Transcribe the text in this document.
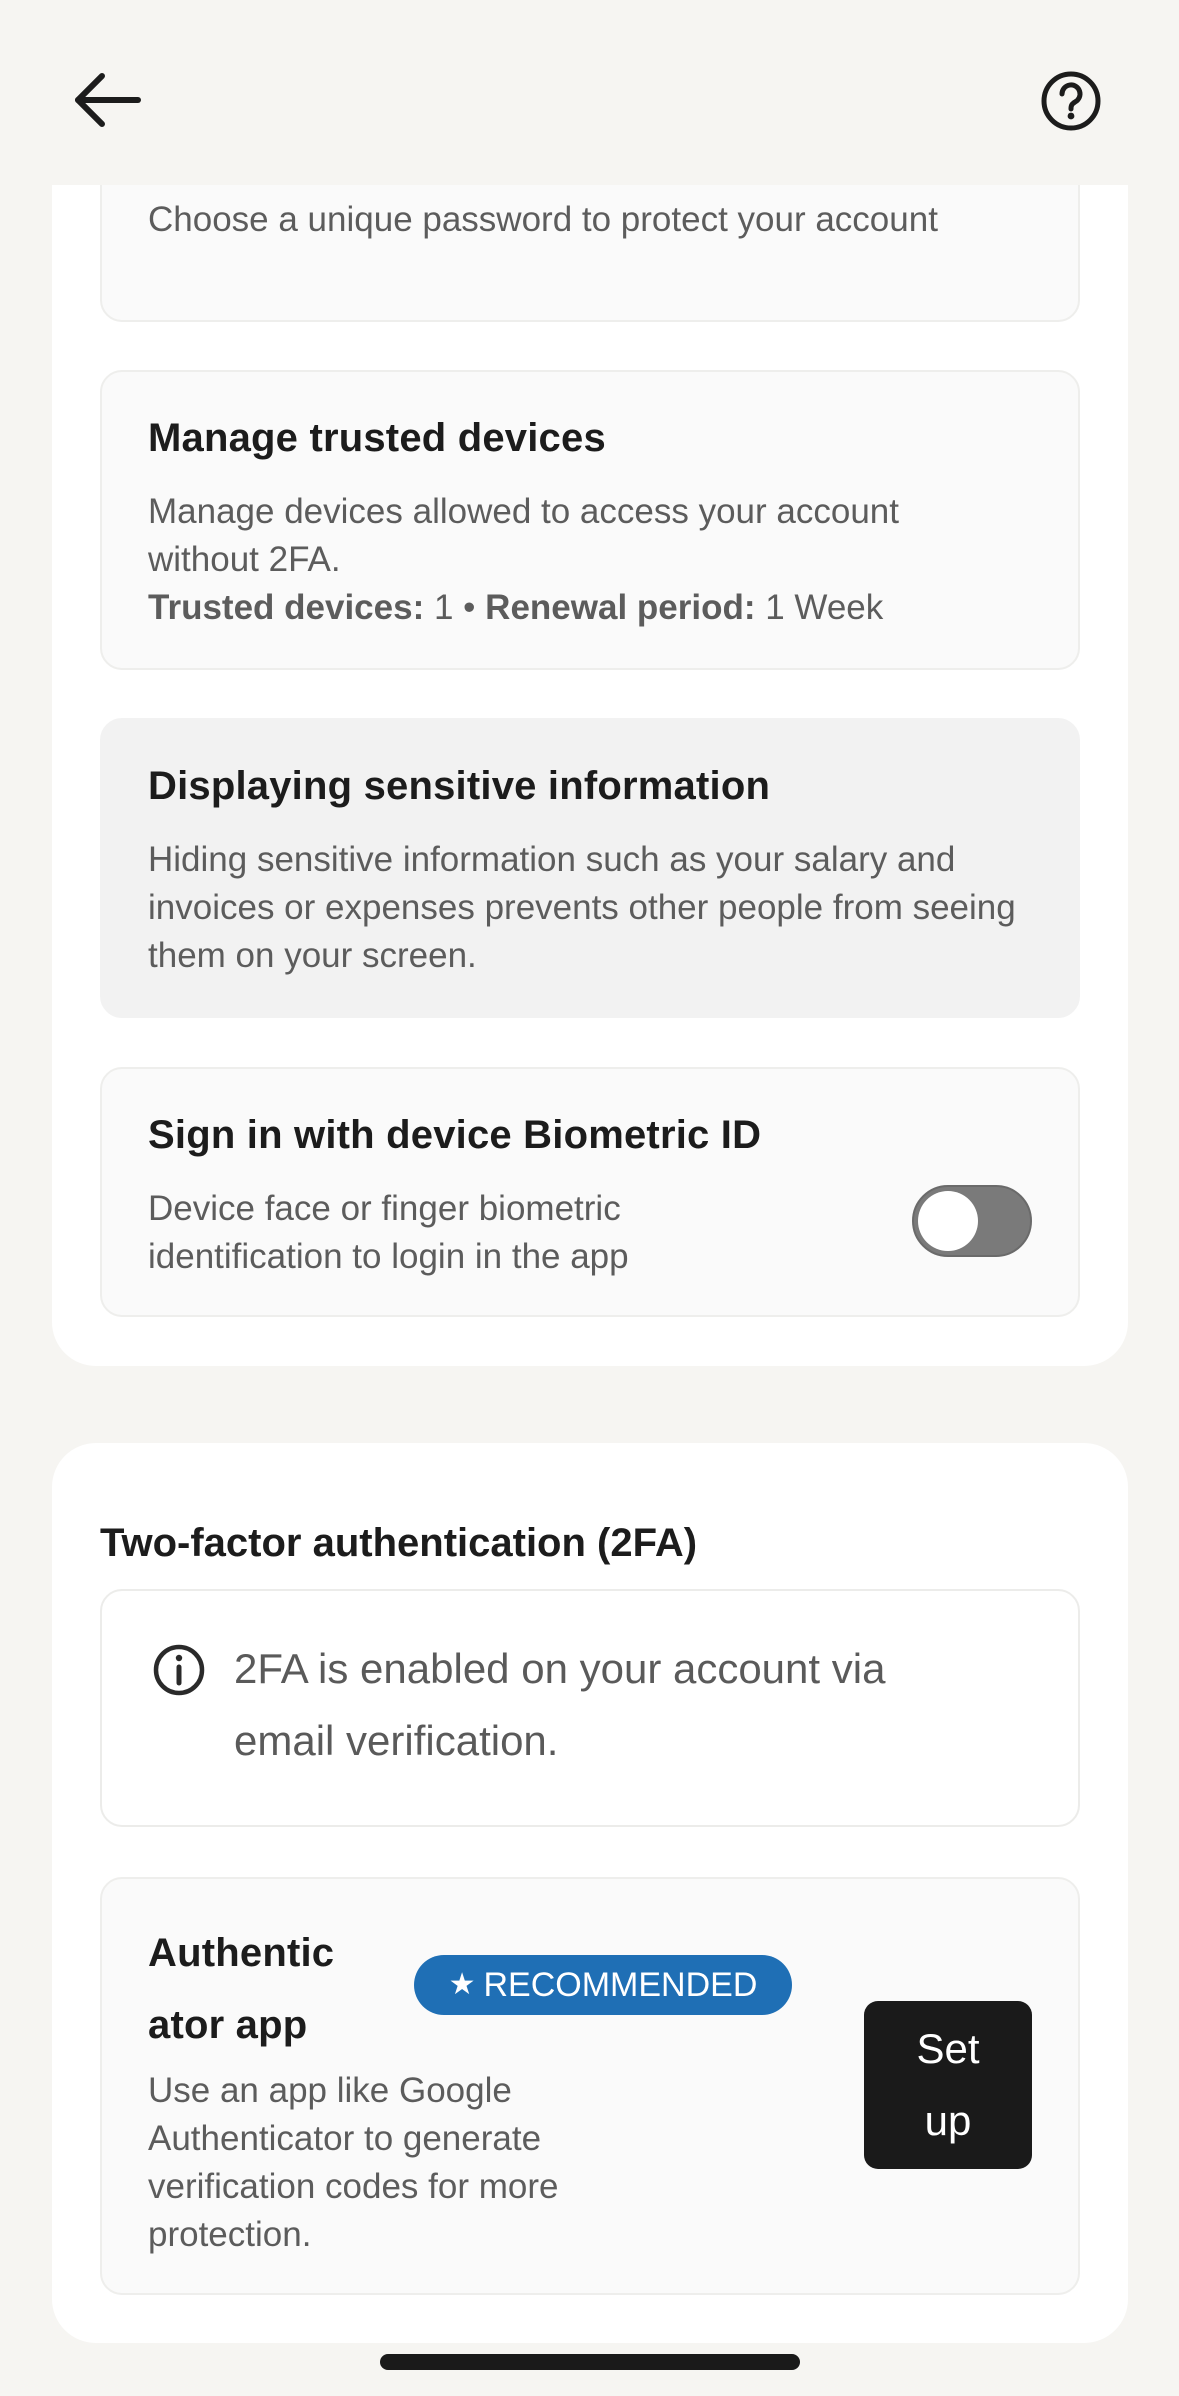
Choose a unique password to protect your account
Manage trusted devices
Manage devices allowed to access your account without 2FA.
Trusted devices: 1 • Renewal period: 1 Week
Displaying sensitive information
Hiding sensitive information such as your salary and invoices or expenses prevents other people from seeing them on your screen.
Sign in with device Biometric ID
Device face or finger biometric identification to login in the app
Two-factor authentication (2FA)
2FA is enabled on your account via email verification.
Authentic
ator app
★ RECOMMENDED
Use an app like Google Authenticator to generate verification codes for more protection.
Set
up
